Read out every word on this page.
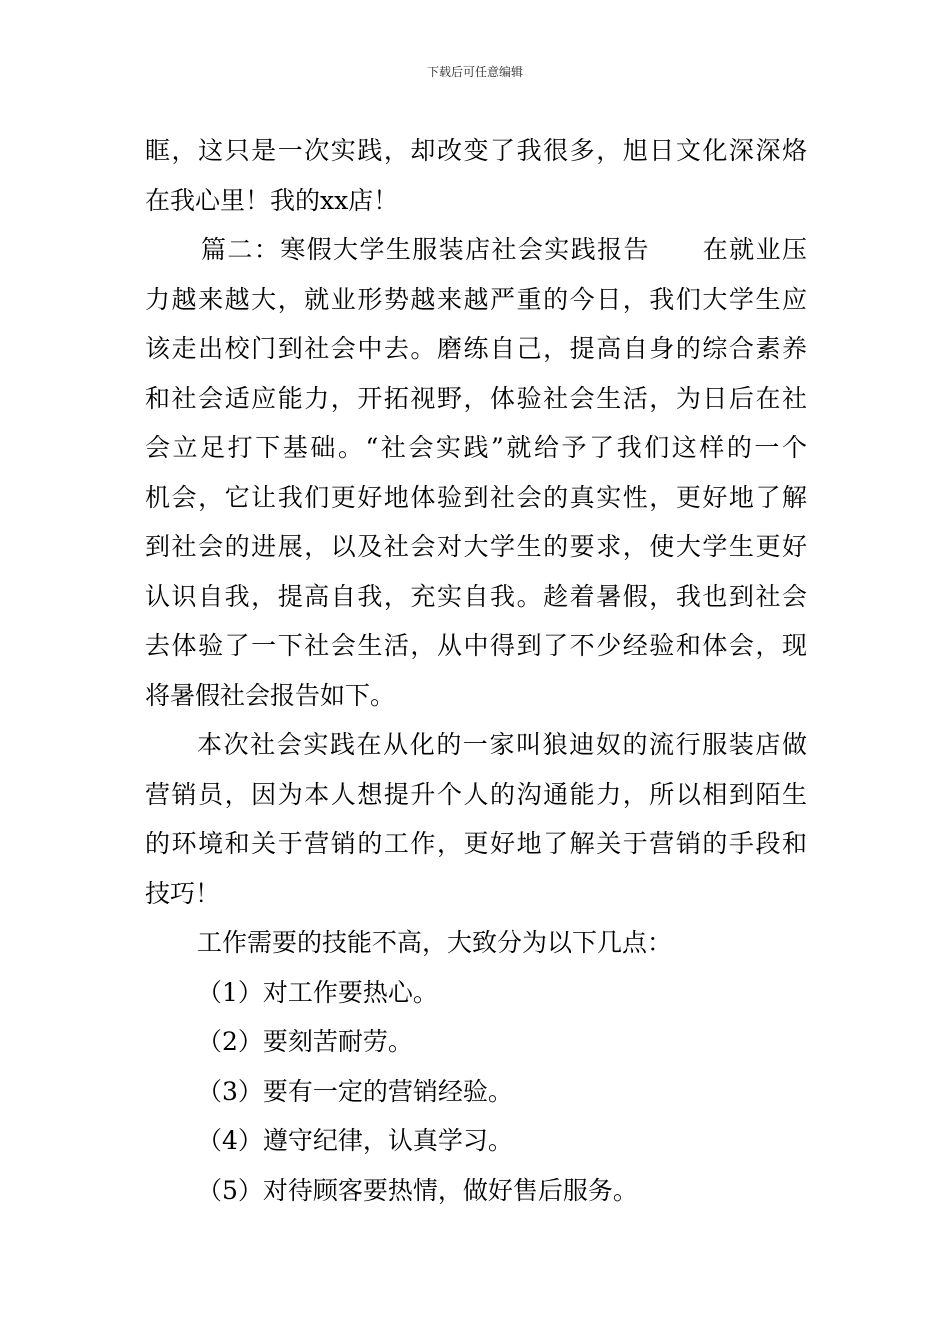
下载后可任意编辑
眶，这只是一次实践，却改变了我很多，旭日文化深深烙
在我心里！我的xx店！
篇二：寒假大学生服装店社会实践报告　　在就业压
力越来越大，就业形势越来越严重的今日，我们大学生应
该走出校门到社会中去。磨练自己，提高自身的综合素养
和社会适应能力，开拓视野，体验社会生活，为日后在社
会立足打下基础。“社会实践”就给予了我们这样的一个
机会，它让我们更好地体验到社会的真实性，更好地了解
到社会的进展，以及社会对大学生的要求，使大学生更好
认识自我，提高自我，充实自我。趁着暑假，我也到社会
去体验了一下社会生活，从中得到了不少经验和体会，现
将暑假社会报告如下。
本次社会实践在从化的一家叫狼迪奴的流行服装店做
营销员，因为本人想提升个人的沟通能力，所以相到陌生
的环境和关于营销的工作，更好地了解关于营销的手段和
技巧！
工作需要的技能不高，大致分为以下几点：
（1）对工作要热心。
（2）要刻苦耐劳。
（3）要有一定的营销经验。
（4）遵守纪律，认真学习。
（5）对待顾客要热情，做好售后服务。
